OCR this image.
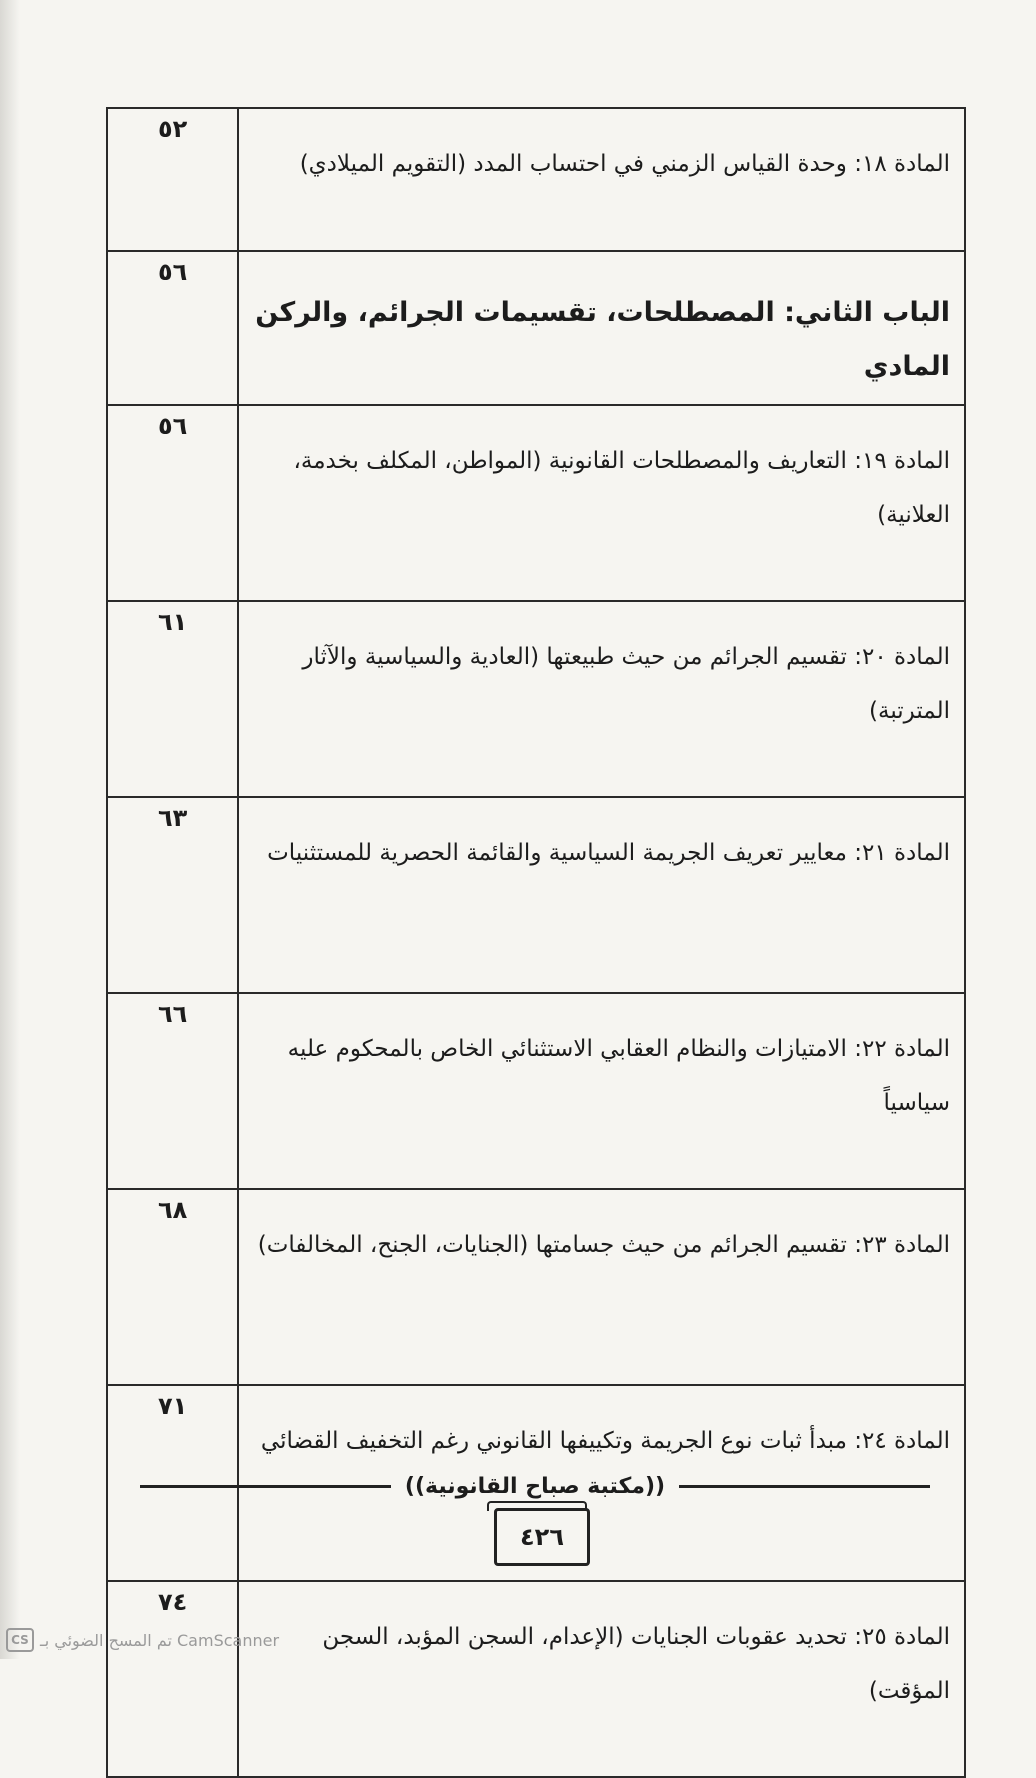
المادة ١٨: وحدة القياس الزمني في احتساب المدد (التقويم الميلادي)	٥٢
الباب الثاني: المصطلحات، تقسيمات الجرائم، والركن المادي	٥٦
المادة ١٩: التعاريف والمصطلحات القانونية (المواطن، المكلف بخدمة، العلانية)	٥٦
المادة ٢٠: تقسيم الجرائم من حيث طبيعتها (العادية والسياسية والآثار المترتبة)	٦١
المادة ٢١: معايير تعريف الجريمة السياسية والقائمة الحصرية للمستثنيات	٦٣
المادة ٢٢: الامتيازات والنظام العقابي الاستثنائي الخاص بالمحكوم عليه سياسياً	٦٦
المادة ٢٣: تقسيم الجرائم من حيث جسامتها (الجنايات، الجنح، المخالفات)	٦٨
المادة ٢٤: مبدأ ثبات نوع الجريمة وتكييفها القانوني رغم التخفيف القضائي	٧١
المادة ٢٥: تحديد عقوبات الجنايات (الإعدام، السجن المؤبد، السجن المؤقت)	٧٤
((مكتبة صباح القانونية))
٤٢٦
CS تم المسح الضوئي بـ CamScanner
